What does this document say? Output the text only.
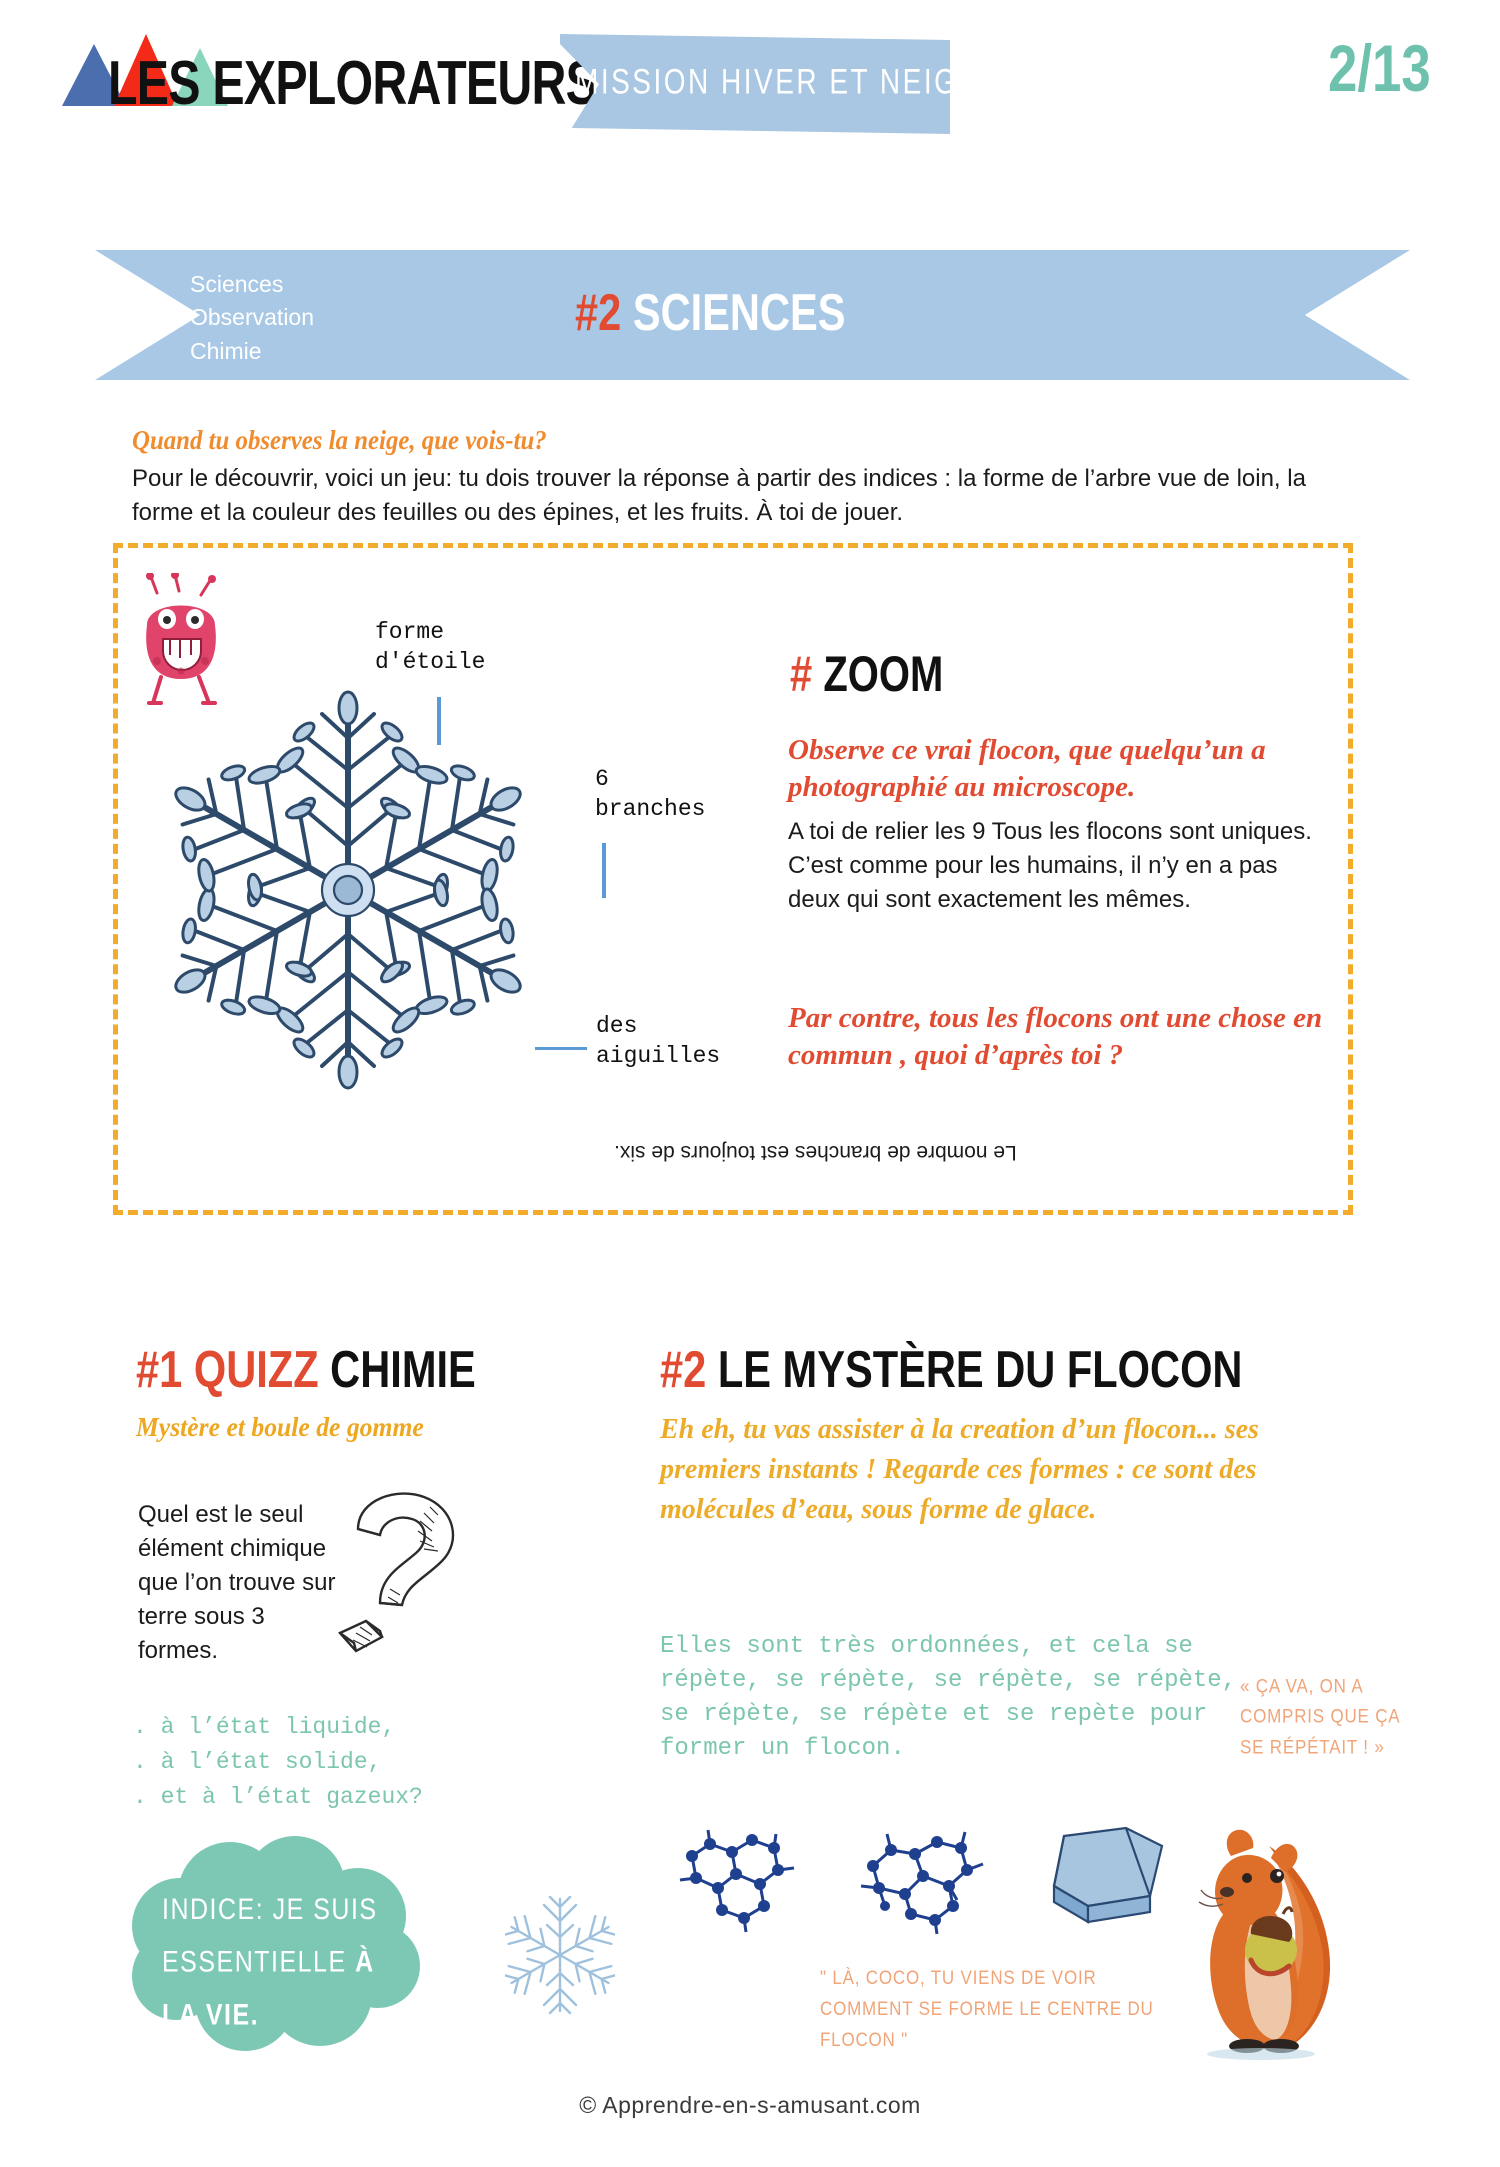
LES EXPLORATEURS
MISSION HIVER ET NEIGE	2/13
Sciences
Observation
Chimie
#2 SCIENCES
Quand tu observes la neige, que vois-tu?
Pour le découvrir, voici un jeu: tu dois trouver la réponse à partir des indices : la forme de l’arbre vue de loin, la forme et la couleur des feuilles ou des épines, et les fruits. À toi de jouer.
forme
d'étoile
6
branches
des
aiguilles
# ZOOM
Observe ce vrai flocon, que quelqu’un a photographié au microscope.
A toi de relier les 9 Tous les flocons sont uniques. C’est comme pour les humains, il n’y en a pas deux qui sont exactement les mêmes.
Par contre, tous les flocons ont une chose en commun , quoi d’après toi ?
Le nombre de branches est toujours de six.
#1 QUIZZ CHIMIE
Mystère et boule de gomme
Quel est le seul élément chimique que l’on trouve sur terre sous 3 formes.
. à l’état liquide,
. à l’état solide,
. et à l’état gazeux?
INDICE: JE SUIS
ESSENTIELLE À LA VIE.
#2 LE MYSTÈRE DU FLOCON
Eh eh, tu vas assister à la creation d’un flocon... ses premiers instants ! Regarde ces formes : ce sont des molécules d’eau, sous forme de glace.
Elles sont très ordonnées, et cela se répète, se répète, se répète, se répète, se répète, se répète et se repète pour former un flocon.
« ÇA VA, ON A COMPRIS QUE ÇA SE RÉPÉTAIT ! »
" LÀ, COCO, TU VIENS DE VOIR COMMENT SE FORME LE CENTRE DU FLOCON "
© Apprendre-en-s-amusant.com
